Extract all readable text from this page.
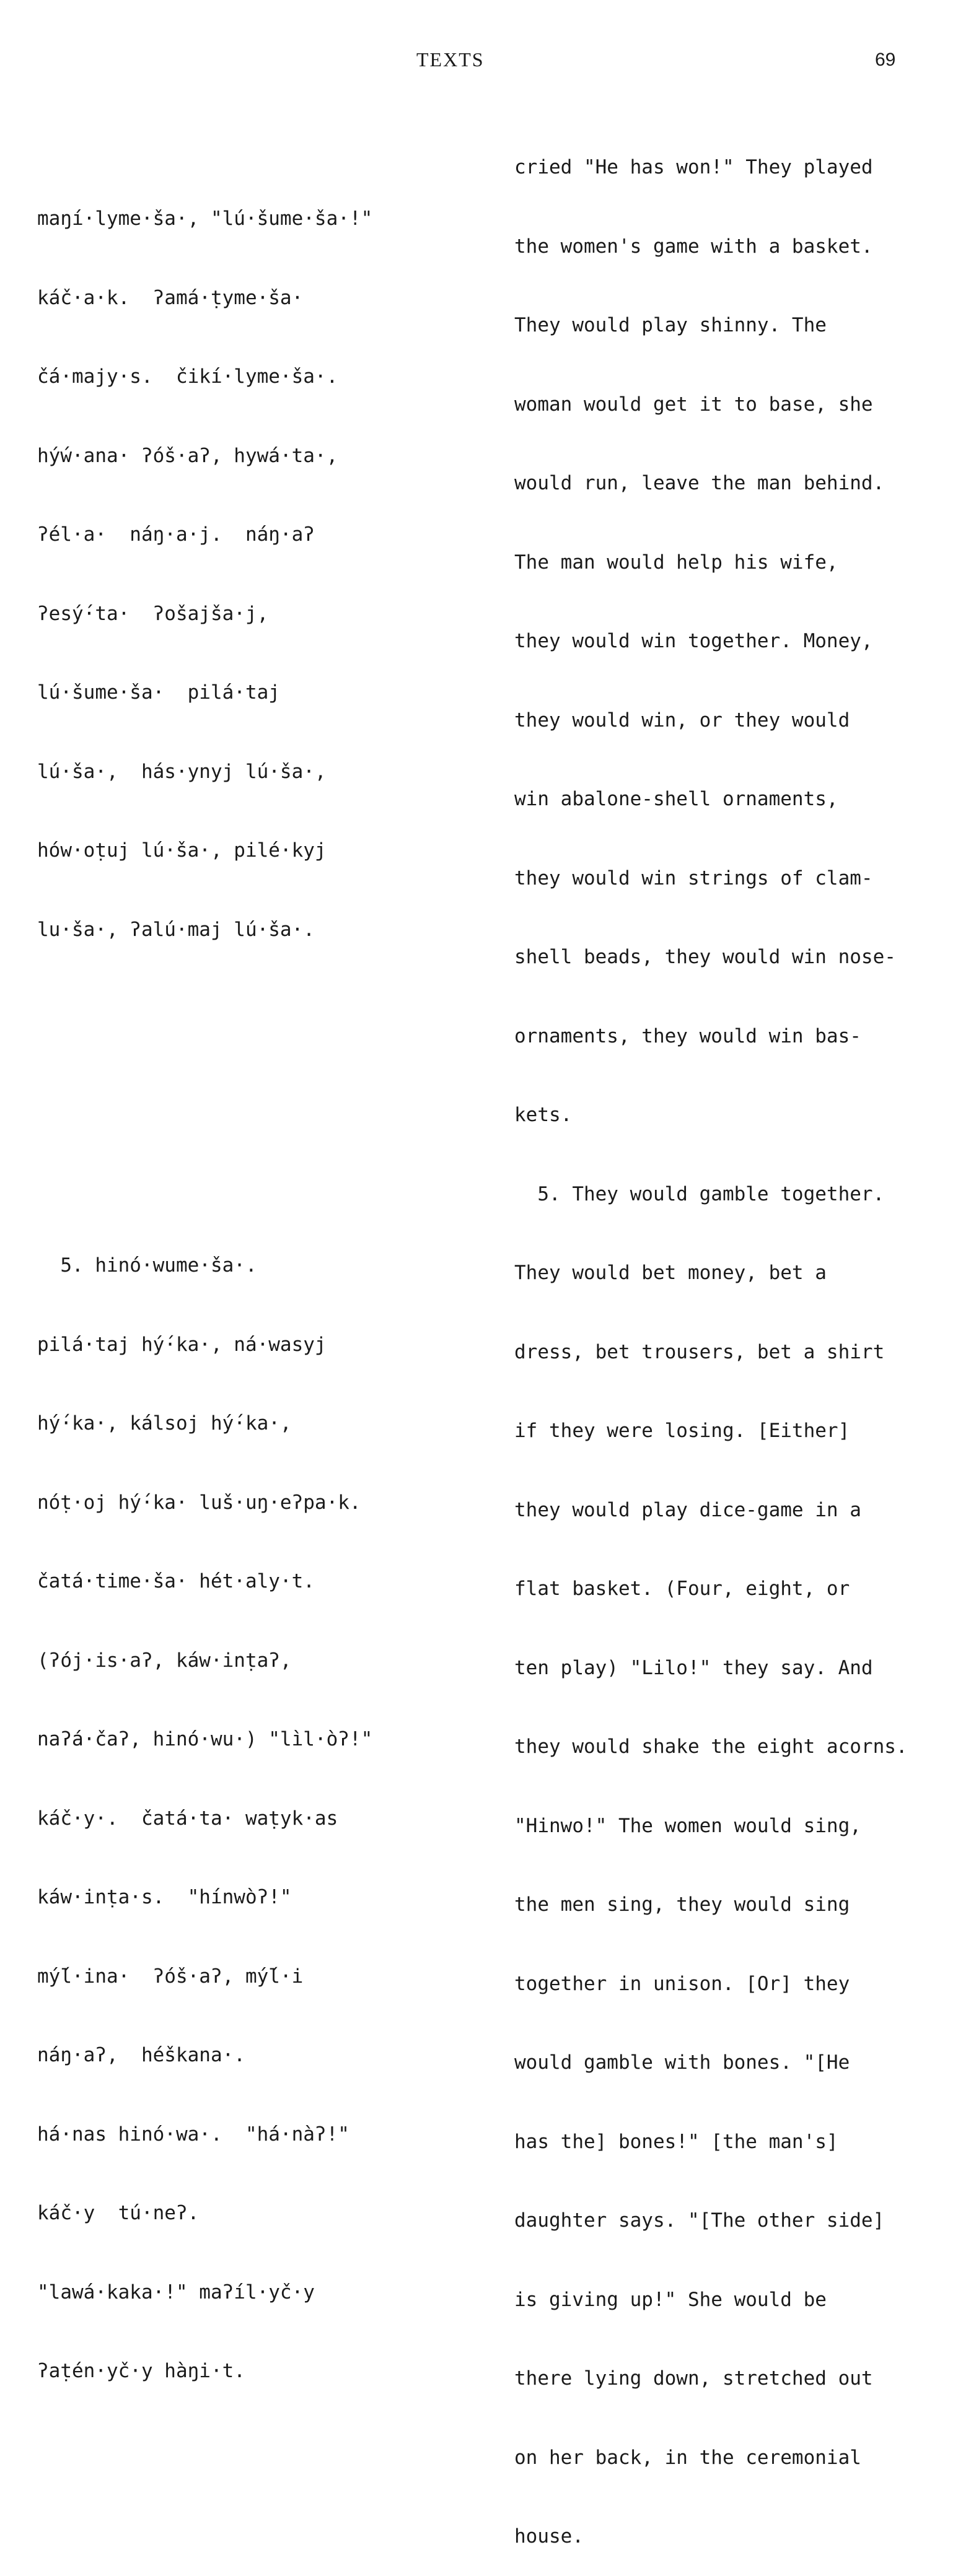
TEXTS	69

maŋí·lyme·ša·, "lú·šume·ša·!"

káč·a·k.  ʔamá·ṭyme·ša·

čá·majy·s.  čikí·lyme·ša·.

hý́w·ana· ʔóš·aʔ, hywá·ta·,

ʔél·a·  náŋ·a·j.  náŋ·aʔ

ʔesý́·ta·  ʔošajša·j,

lú·šume·ša·  pilá·taj

lú·ša·,  hás·ynyj lú·ša·,

hów·oṭuj lú·ša·, pilé·kyj

lu·ša·, ʔalú·maj lú·ša·.

5. hinó·wume·ša·.

pilá·taj hý́·ka·, ná·wasyj

hý́·ka·, kálsoj hý́·ka·,

nóṭ·oj hý́·ka· luš·uŋ·eʔpa·k.

čatá·time·ša· hét·aly·t.

(ʔój·is·aʔ, káw·inṭaʔ,

naʔá·čaʔ, hinó·wu·) "lìl·òʔ!"

káč·y·.  čatá·ta· waṭyk·as

káw·inṭa·s.  "hínwòʔ!"

mý́l·ina·  ʔóš·aʔ, mý́l·i

náŋ·aʔ,  héškana·.

há·nas hinó·wa·.  "há·nàʔ!"

káč·y  tú·neʔ.

"lawá·kaka·!" maʔíl·yč·y

ʔaṭén·yč·y hàŋi·t.

cried "He has won!" They played

the women's game with a basket.

They would play shinny. The

woman would get it to base, she

would run, leave the man behind.

The man would help his wife,

they would win together. Money,

they would win, or they would

win abalone-shell ornaments,

they would win strings of clam-

shell beads, they would win nose-

ornaments, they would win bas-

kets.

5. They would gamble together.

They would bet money, bet a

dress, bet trousers, bet a shirt

if they were losing. [Either]

they would play dice-game in a

flat basket. (Four, eight, or

ten play) "Lilo!" they say. And

they would shake the eight acorns.

"Hinwo!" The women would sing,

the men sing, they would sing

together in unison. [Or] they

would gamble with bones. "[He

has the] bones!" [the man's]

daughter says. "[The other side]

is giving up!" She would be

there lying down, stretched out

on her back, in the ceremonial

house.
